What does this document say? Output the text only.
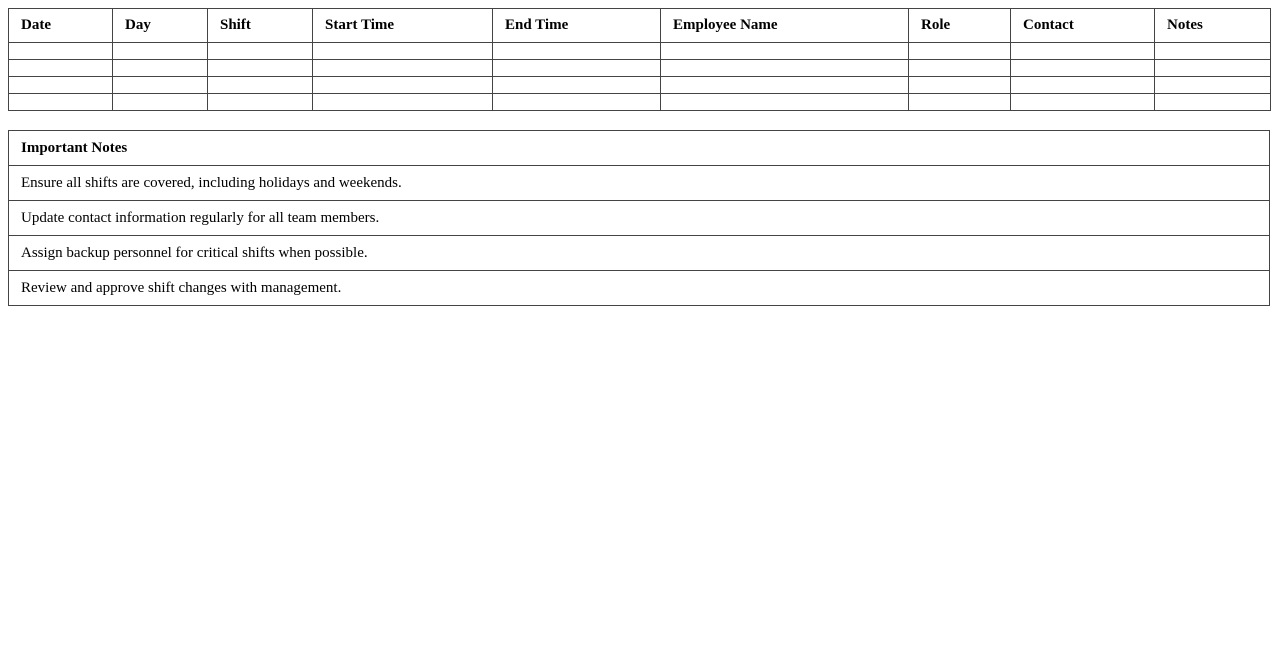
Date	Day	Shift	Start Time	End Time	Employee Name	Role	Contact	Notes

Important Notes
Ensure all shifts are covered, including holidays and weekends.
Update contact information regularly for all team members.
Assign backup personnel for critical shifts when possible.
Review and approve shift changes with management.
